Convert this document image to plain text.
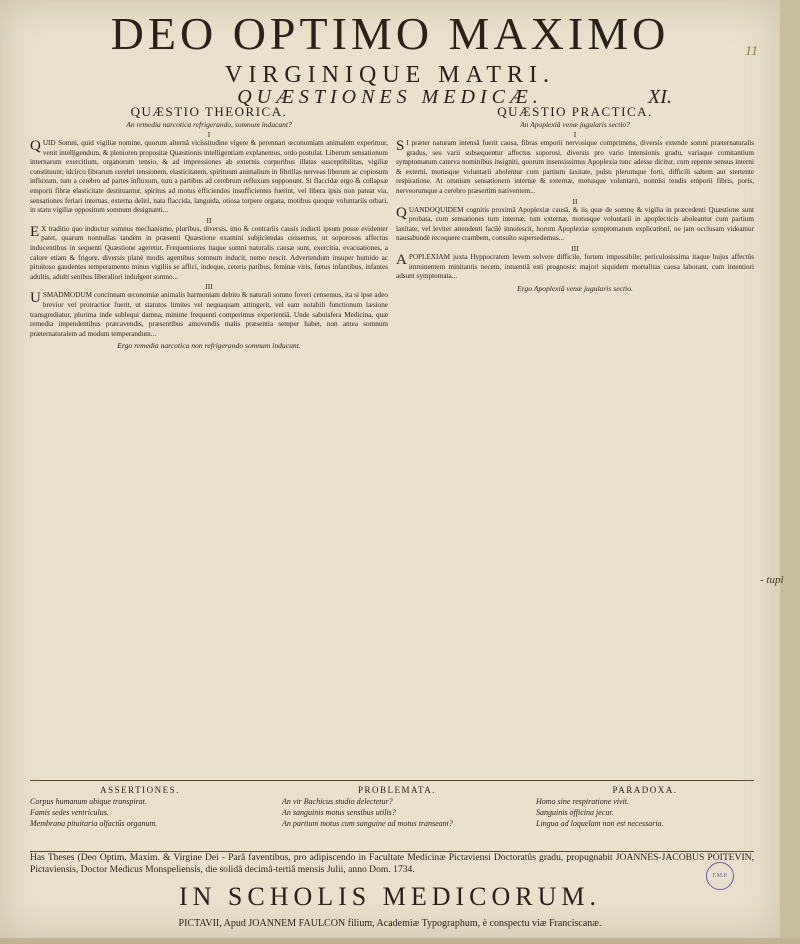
DEO OPTIMO MAXIMO
VIRGINIQUE MATRI.
QUÆSTIONES MEDICÆ.	XI.
QUÆSTIO THEORICA.
An remedia narcotica refrigerando, somnum inducant?
I

QUID Somni, quid vigiliæ nomine, quorum alternâ vicissitudine vigere & perennari œconomiam animalem experimur, venit intelligendum, & plenioren propositæ Quæstionis intelligentiam explanemus, ordo postulat. Liberum sensationum internarum exercitium, organorum tensio, & ad impressiones ab externis corporibus illatas susceptibilitas, vigiliæ constituunt; idcirco fibrarum cerebri tensionem, elasticitatem, spirituum animalium in fibrillas nerveas liberum ac copiosum influxum, tum a cerebro ad partes influxum, tum a partibus ad cerebrum refluxum supponunt. Si flaccidæ ergo & collapsæ emporii fibræ elasticitate destituantur, spiritus ad motus efficiendos insufficientes fuerint, vel libera ipsis non pateat via, sensationes feriari internas, externa deliri, nata flaccida, languida, otiosa torpere organa, motibus quoque voluntariis orbari, in statu vigiliæ oppositum somnum designanti...

II

EX traditio quo inductur somnus mechanismo, pluribus, diversis, imo & contrariis causis inducti ipsum posse evidenter patet, quarum nonnullas tandem in præsenti Quæstione examini subjiciendas censemus, ut soporosos affectus inducentibus in sequenti Quæstione ageretur. Frequentiores itaque somni naturalis causæ sunt, exercitia, evacuationes, a calore etiam & frigore, diversis planè modis agentibus somnum inducit, nemo nescit. Advertendum insuper humido ac pituitoso gaudentes temperamento minus vigiliis se affici, indeque, ceteris paribus, feminæ viris, fœtus infantibus, infantes adultis, adulti senibus liberaliori indulgent somno...

III

USMADMODUM concinnam œconomiæ animalis harmoniam debito & naturali somno foveri censemus, ita si ipse adeo brevior vel protractior fuerit, ut statutos limites vel nequaquam attingerit, vel eam notabili functionum læsione transgrediatur, plurima inde sublequi damna, minime frequenti comperimus experientiâ. Unde sabuisfera Medicina, quæ remedia impendentibus præcavendis, præsentibus amovendis malis præsentia semper habet, non antea somnum præternaturalem ad modum temperandum...

Ergo remedia narcotica non refrigerando somnum inducunt.
QUÆSTIO PRACTICA.
An Apoplexiâ venæ jugularis sectio?
I

SI præter naturam intensâ fuerit causa, fibras emporii nervosique comprimens, diversis extende somni præternaturalis gradus, seu varii subsequentur affectus soporosi, diversis pro vario intensionis gradu, variaque comitantium symptomatum caterva nominibus insigniti, quorum insensissimus Apoplexia tunc adesse dicitur, cum repente sensus interni & externi, motusque voluntarii abolentur cum partium laxitate, pulsu plerumque forti, difficili saltem aut stertente respiratione. At omnium sensationem internæ & externæ, motusque voluntarii, nonnisi tendis emporii fibris, poris, nerveorumque a cerebro præsertim nativentem...

II

QUANDOQUIDEM cognitis proximâ Apoplexiæ causâ, & iis quæ de somno & vigilia in præcedenti Quæstione sunt probata, cum sensationes tum internæ, tum externæ, motusque voluntarii in apoplecticis aboleantur cum partium laxitate, vel leviter attendenti facilè innotescit, horum Apoplexiæ symptomatum explicationi, ne jam occlusam videamur nausabundè recoquere crambem, consulto supersedemus...

III

APOPLEXIAM juxta Hyppocratem levem solvere difficile, fortem impossibile; periculosissima itaque hujus affectûs imminentem minitantis necem, intuentiâ esti prognosis: majori siquidem mortalitas causa laborant, cum intentiori adsunt symptomata...

Ergo Apoplexiâ venæ jugularis sectio.
ASSERTIONES.
Corpus humanum ubique transpirat.
Famis sedes ventriculus.
Membrana pituitaria olfactûs organum.
PROBLEMATA.
An vir Bachicus studio delectetur?
An sanguinis motus sensibus utilis?
An partium motus cum sanguine ad motus transeant?
PARADOXA.
Homo sine respiratione vivit.
Sanguinis officina jecur.
Lingua ad loquelam non est necessaria.
Has Theses (Deo Optim. Maxim. & Virgine Dei - Parâ faventibus, pro adipiscendo in Facultate Medicinæ Pictaviensi Doctoratûs gradu, propugnabit JOANNES-JACOBUS POITEVIN, Pictaviensis, Doctor Medicus Monspeliensis, die solidâ decimâ-tertiâ mensis Julii, anno Dom. 1734.
IN SCHOLIS MEDICORUM.
PICTAVII, Apud JOANNEM FAULCON filium, Academiæ Typographum, è conspectu viæ Franciscanæ.
F.M.P.
11
- tupi
